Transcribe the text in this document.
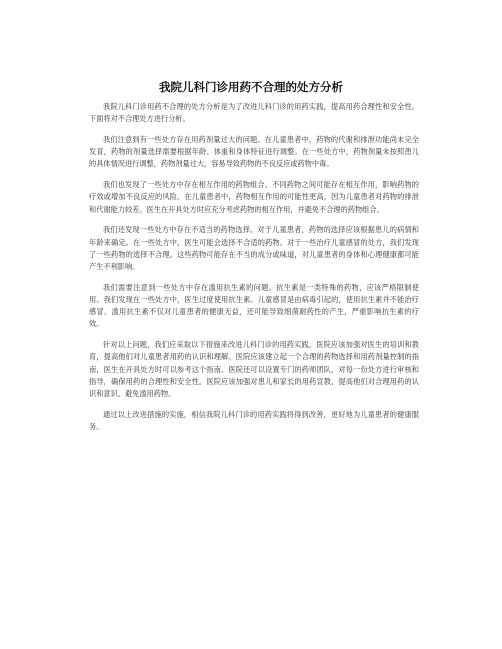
我院儿科门诊用药不合理的处方分析

我院儿科门诊用药不合理的处方分析是为了改进儿科门诊的用药实践，提高用药合理性和安全性。下面将对不合理处方进行分析。

我们注意到有一些处方存在用药剂量过大的问题。在儿童患者中，药物的代谢和排泄功能尚未完全发育，药物的剂量选择需要根据年龄、体重和身体特征进行调整。在一些处方中，药物剂量未按照患儿的具体情况进行调整，药物剂量过大，容易导致药物的不良反应或药物中毒。

我们也发现了一些处方中存在相互作用的药物组合。不同药物之间可能存在相互作用，影响药物的疗效或增加不良反应的风险。在儿童患者中，药物相互作用的可能性更高，因为儿童患者对药物的排泄和代谢能力较差。医生在开具处方时应充分考虑药物的相互作用，并避免不合理的药物组合。

我们还发现一些处方中存在不适当的药物选择。对于儿童患者，药物的选择应该根据患儿的病情和年龄来确定。在一些处方中，医生可能会选择不合适的药物。对于一些治疗儿童感冒的处方，我们发现了一些药物的选择不合理。这些药物可能存在不当的成分或味道，对儿童患者的身体和心理健康都可能产生不利影响。

我们需要注意到一些处方中存在滥用抗生素的问题。抗生素是一类特殊的药物，应该严格限制使用。我们发现在一些处方中，医生过度使用抗生素。儿童感冒是由病毒引起的，使用抗生素并不能治疗感冒。滥用抗生素不仅对儿童患者的健康无益，还可能导致细菌耐药性的产生，严重影响抗生素的疗效。

针对以上问题，我们应采取以下措施来改进儿科门诊的用药实践。医院应该加强对医生的培训和教育，提高他们对儿童患者用药的认识和理解。医院应该建立起一个合理的药物选择和用药剂量控制的指南，医生在开具处方时可以参考这个指南。医院还可以设置专门的药师团队，对每一份处方进行审核和指导，确保用药的合理性和安全性。医院应该加强对患儿和家长的用药宣教，提高他们对合理用药的认识和意识，避免滥用药物。

通过以上改进措施的实施，相信我院儿科门诊的用药实践将得到改善，更好地为儿童患者的健康服务。
